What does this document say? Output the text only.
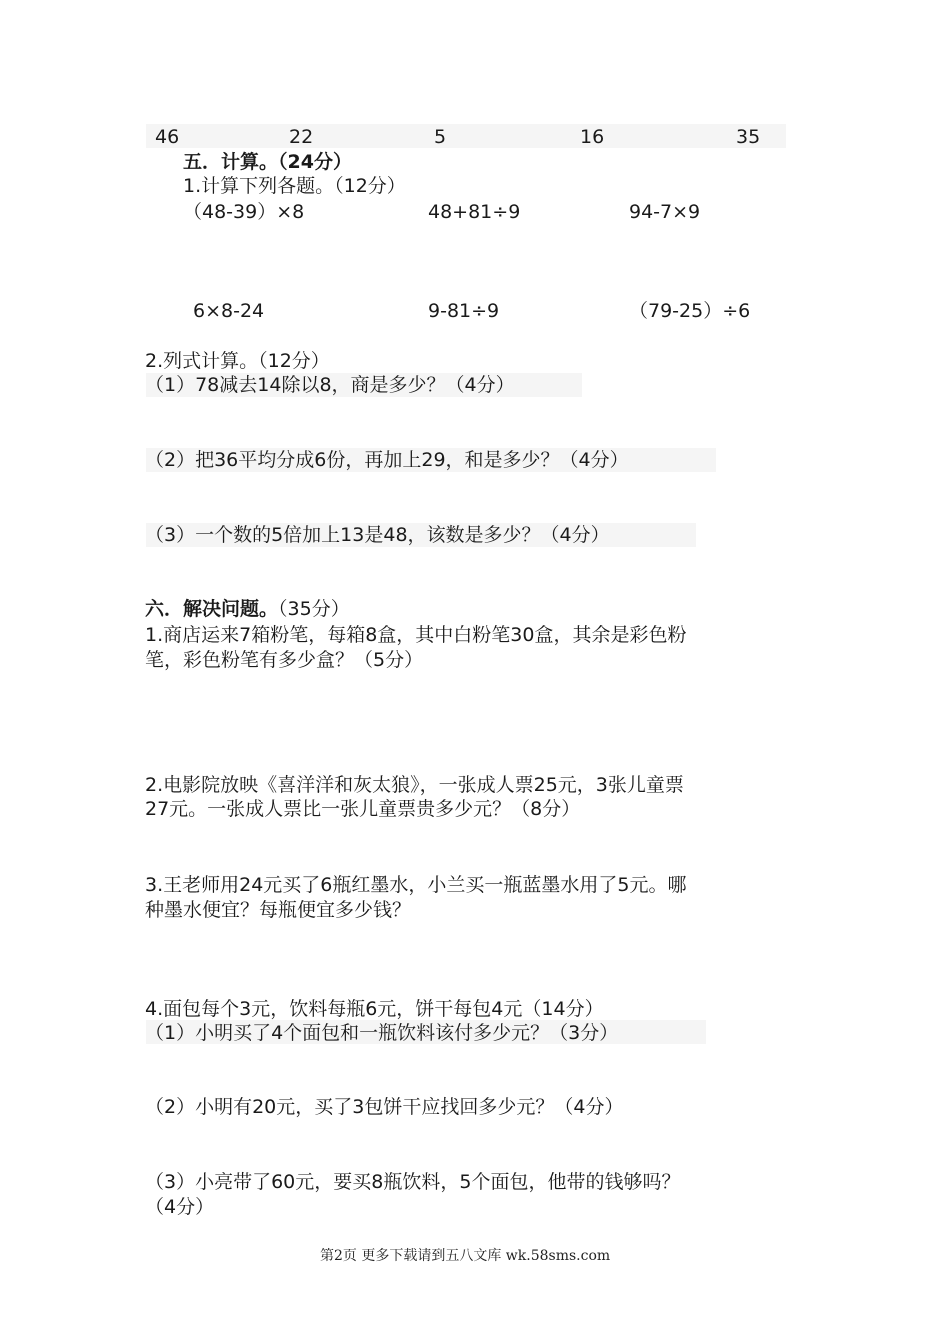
46	22	5	16	35
五．计算。（24分）
1.计算下列各题。（12分）
（48-39）×8	48+81÷9	94-7×9
6×8-24	9-81÷9	（79-25）÷6
2.列式计算。（12分）
（1）78减去14除以8，商是多少？（4分）
（2）把36平均分成6份，再加上29，和是多少？（4分）
（3）一个数的5倍加上13是48，该数是多少？（4分）
六．解决问题。（35分）
1.商店运来7箱粉笔，每箱8盒，其中白粉笔30盒，其余是彩色粉
笔，彩色粉笔有多少盒？（5分）
2.电影院放映《喜洋洋和灰太狼》，一张成人票25元，3张儿童票
27元。一张成人票比一张儿童票贵多少元？（8分）
3.王老师用24元买了6瓶红墨水，小兰买一瓶蓝墨水用了5元。哪
种墨水便宜？每瓶便宜多少钱？
4.面包每个3元，饮料每瓶6元，饼干每包4元（14分）
（1）小明买了4个面包和一瓶饮料该付多少元？（3分）
（2）小明有20元，买了3包饼干应找回多少元？（4分）
（3）小亮带了60元，要买8瓶饮料，5个面包，他带的钱够吗？
（4分）
第2页 更多下载请到五八文库 wk.58sms.com
